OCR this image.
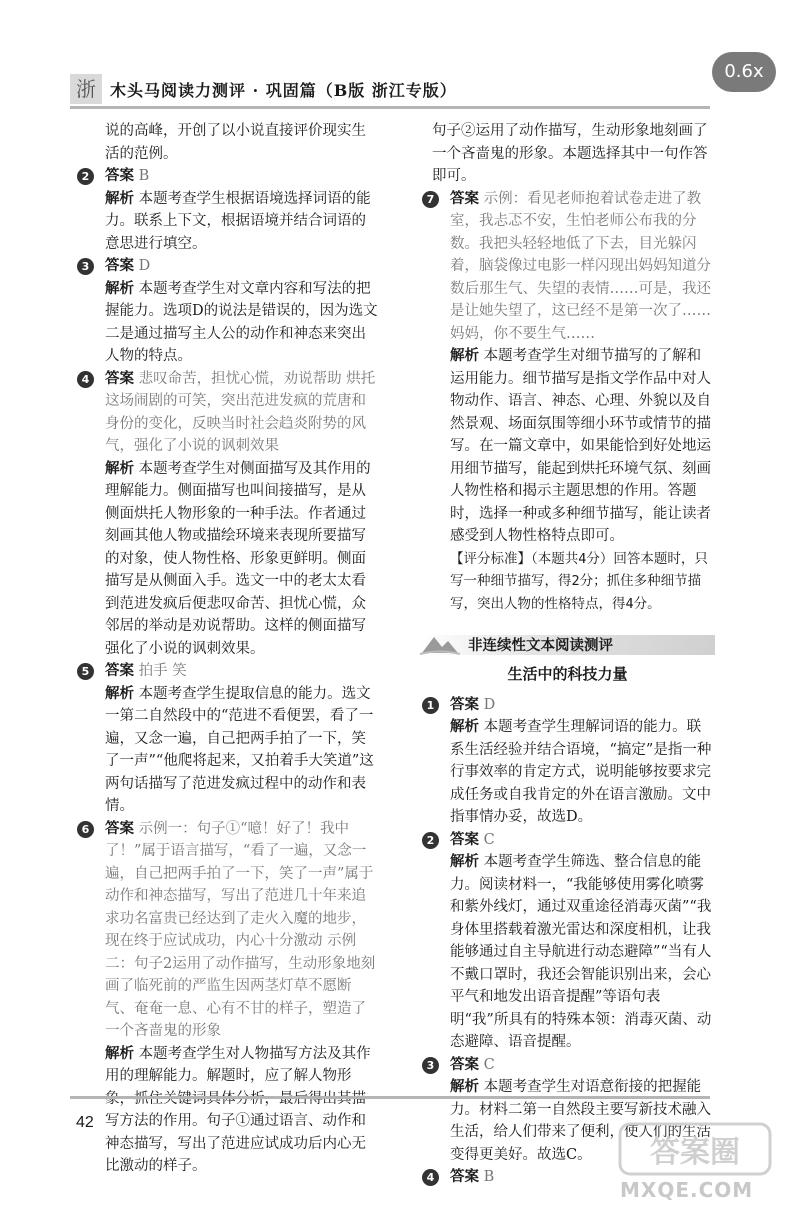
浙 木头马阅读力测评 · 巩固篇（B版 浙江专版）
0.6x

说的高峰，开创了以小说直接评价现实生活的范例。

2	答案 B
解析 本题考查学生根据语境选择词语的能力。联系上下文，根据语境并结合词语的意思进行填空。
3	答案 D
解析 本题考查学生对文章内容和写法的把握能力。选项D的说法是错误的，因为选文二是通过描写主人公的动作和神态来突出人物的特点。
4	答案 悲叹命苦，担忧心慌，劝说帮助 烘托这场闹剧的可笑，突出范进发疯的荒唐和身份的变化，反映当时社会趋炎附势的风气，强化了小说的讽刺效果
解析 本题考查学生对侧面描写及其作用的理解能力。侧面描写也叫间接描写，是从侧面烘托人物形象的一种手法。作者通过刻画其他人物或描绘环境来表现所要描写的对象，使人物性格、形象更鲜明。侧面描写是从侧面入手。选文一中的老太太看到范进发疯后便悲叹命苦、担忧心慌，众邻居的举动是劝说帮助。这样的侧面描写强化了小说的讽刺效果。
5	答案 拍手 笑
解析 本题考查学生提取信息的能力。选文一第二自然段中的“范进不看便罢，看了一遍，又念一遍，自己把两手拍了一下，笑了一声”“他爬将起来，又拍着手大笑道”这两句话描写了范进发疯过程中的动作和表情。
6	答案 示例一：句子①“噫！好了！我中了！”属于语言描写，“看了一遍，又念一遍，自己把两手拍了一下，笑了一声”属于动作和神态描写，写出了范进几十年来追求功名富贵已经达到了走火入魔的地步，现在终于应试成功，内心十分激动 示例二：句子2运用了动作描写，生动形象地刻画了临死前的严监生因两茎灯草不愿断气、奄奄一息、心有不甘的样子，塑造了一个吝啬鬼的形象
解析 本题考查学生对人物描写方法及其作用的理解能力。解题时，应了解人物形 写方法的作用。句子①通过语言、动作和神态描写，写出了范进应试成功后内心无比激动的样子。

句子②运用了动作描写，生动形象地刻画了一个吝啬鬼的形象。本题选择其中一句作答即可。

7	答案 示例：看见老师抱着试卷走进了教室，我忐忑不安，生怕老师公布我的分数。我把头轻轻地低了下去，目光躲闪着，脑袋像过电影一样闪现出妈妈知道分数后那生气、失望的表情……可是，我还是让她失望了，这已经不是第一次了……妈妈，你不要生气……
解析 本题考查学生对细节描写的了解和运用能力。细节描写是指文学作品中对人物动作、语言、神态、心理、外貌以及自然景观、场面氛围等细小环节或情节的描写。在一篇文章中，如果能恰到好处地运用细节描写，能起到烘托环境气氛、刻画人物性格和揭示主题思想的作用。答题时，选择一种或多种细节描写，能让读者感受到人物性格特点即可。
【评分标准】（本题共4分）回答本题时，只写一种细节描写，得2分；抓住多种细节描写，突出人物的性格特点，得4分。
非连续性文本阅读测评
生活中的科技力量
1	答案 D
解析 本题考查学生理解词语的能力。联系生活经验并结合语境，“搞定”是指一种行事效率的肯定方式，说明能够按要求完成任务或自我肯定的外在语言激励。文中指事情办妥，故选D。
2	答案 C
解析 本题考查学生筛选、整合信息的能力。阅读材料一，“我能够使用雾化喷雾和紫外线灯，通过双重途径消毒灭菌”“我身体里搭载着激光雷达和深度相机，让我能够通过自主导航进行动态避障”“当有人不戴口罩时，我还会智能识别出来，会心平气和地发出语音提醒”等语句表明“我”所具有的特殊本领：消毒灭菌、动态避障、语音提醒。
3	答案 C
解析 本题考查学生对语意衔接的把握能力。材料二第一自然段主要写新技术融入生活，给人们带来了便利，使人们的生活变得更美好。故选C。
4	答案 B
42
答案圈
MXQE.COM
